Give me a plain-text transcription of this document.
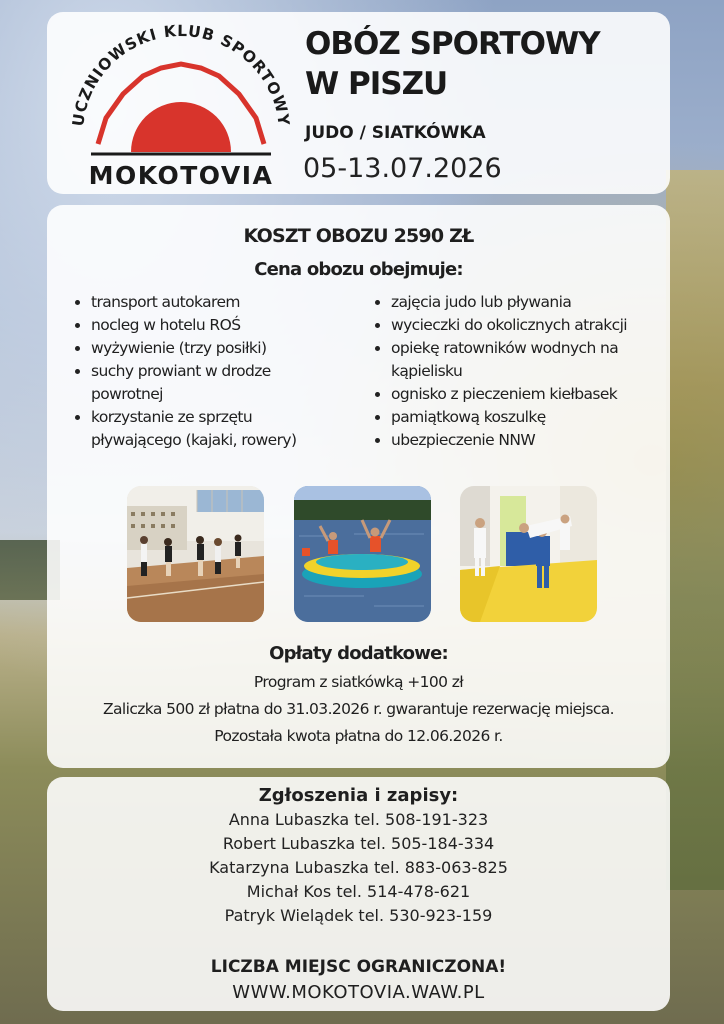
UCZNIOWSKI KLUB SPORTOWY
MOKOTOVIA
OBÓZ SPORTOWY
W PISZU
JUDO / SIATKÓWKA
05-13.07.2026
KOSZT OBOZU 2590 ZŁ
Cena obozu obejmuje:
transport autokarem
nocleg w hotelu ROŚ
wyżywienie (trzy posiłki)
suchy prowiant w drodze powrotnej
korzystanie ze sprzętu pływającego (kajaki, rowery)
zajęcia judo lub pływania
wycieczki do okolicznych atrakcji
opiekę ratowników wodnych na kąpielisku
ognisko z pieczeniem kiełbasek
pamiątkową koszulkę
ubezpieczenie NNW
Opłaty dodatkowe:
Program z siatkówką +100 zł
Zaliczka 500 zł płatna do 31.03.2026 r. gwarantuje rezerwację miejsca.
Pozostała kwota płatna do 12.06.2026 r.
Zgłoszenia i zapisy:
Anna Lubaszka tel. 508-191-323
Robert Lubaszka tel. 505-184-334
Katarzyna Lubaszka tel. 883-063-825
Michał Kos tel. 514-478-621
Patryk Wielądek tel. 530-923-159
LICZBA MIEJSC OGRANICZONA!
WWW.MOKOTOVIA.WAW.PL
